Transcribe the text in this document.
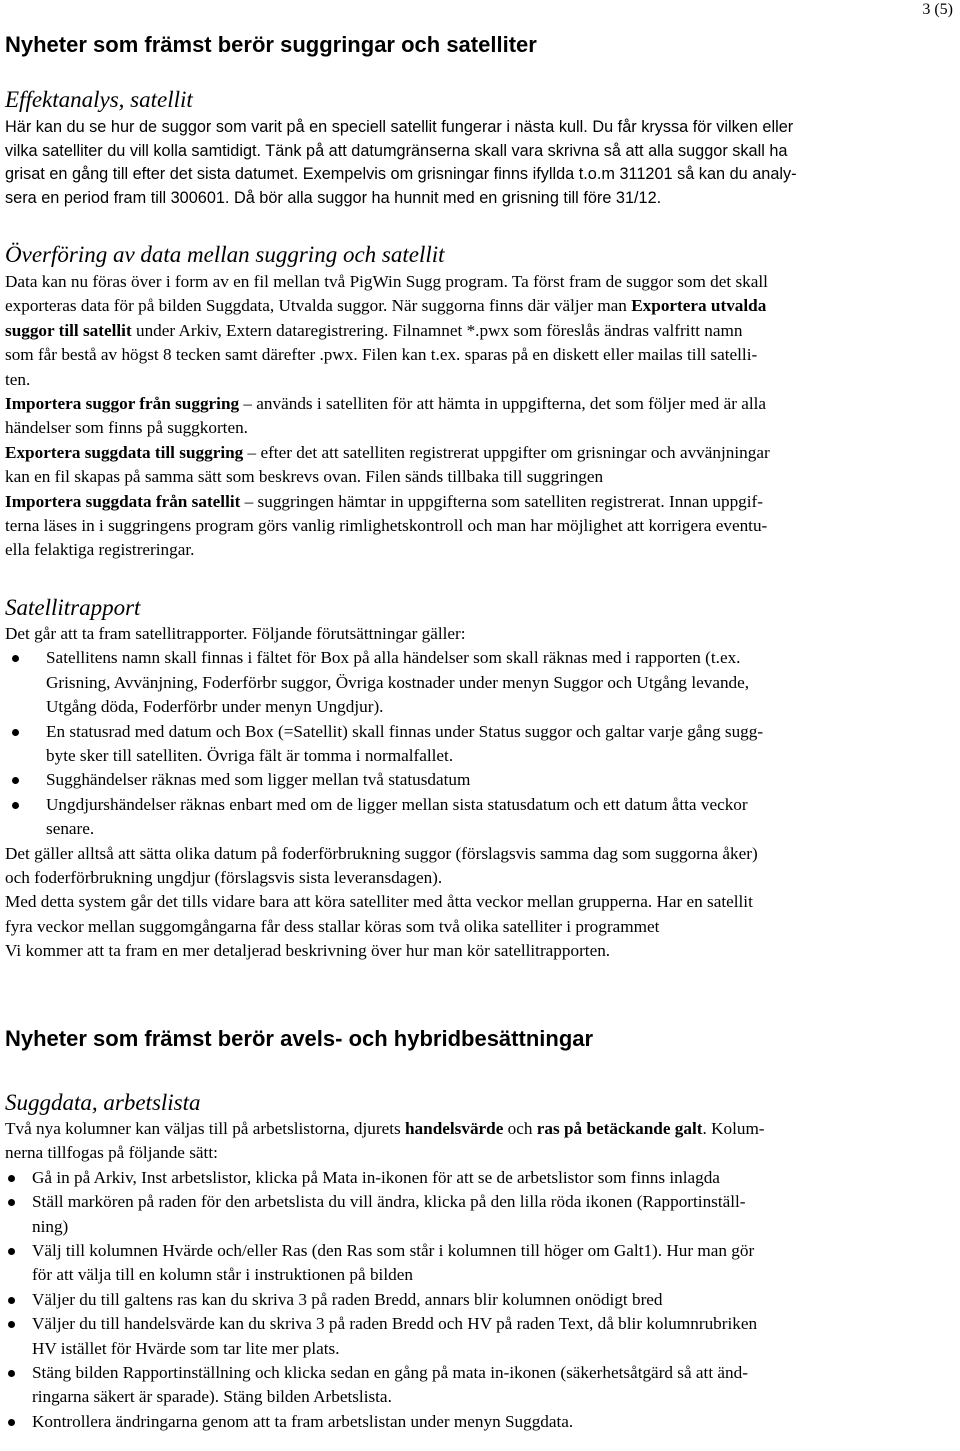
3 (5)
Nyheter som främst berör suggringar och satelliter
Effektanalys, satellit
Här kan du se hur de suggor som varit på en speciell satellit fungerar i nästa kull. Du får kryssa för vilken eller
vilka satelliter du vill kolla samtidigt. Tänk på att datumgränserna skall vara skrivna så att alla suggor skall ha
grisat en gång till efter det sista datumet. Exempelvis om grisningar finns ifyllda t.o.m 311201 så kan du analy-
sera en period fram till 300601. Då bör alla suggor ha hunnit med en grisning till före 31/12.
Överföring av data mellan suggring och satellit
Data kan nu föras över i form av en fil mellan två PigWin Sugg program. Ta först fram de suggor som det skall
exporteras data för på bilden Suggdata, Utvalda suggor. När suggorna finns där väljer man Exportera utvalda
suggor till satellit under Arkiv, Extern dataregistrering. Filnamnet *.pwx som föreslås ändras valfritt namn
som får bestå av högst 8 tecken samt därefter .pwx. Filen kan t.ex. sparas på en diskett eller mailas till satelli-
ten.
Importera suggor från suggring – används i satelliten för att hämta in uppgifterna, det som följer med är alla
händelser som finns på suggkorten.
Exportera suggdata till suggring – efter det att satelliten registrerat uppgifter om grisningar och avvänjningar
kan en fil skapas på samma sätt som beskrevs ovan. Filen sänds tillbaka till suggringen
Importera suggdata från satellit – suggringen hämtar in uppgifterna som satelliten registrerat. Innan uppgif-
terna läses in i suggringens program görs vanlig rimlighetskontroll och man har möjlighet att korrigera eventu-
ella felaktiga registreringar.
Satellitrapport
Det går att ta fram satellitrapporter. Följande förutsättningar gäller:
Satellitens namn skall finnas i fältet för Box på alla händelser som skall räknas med i rapporten (t.ex.
Grisning, Avvänjning, Foderförbr suggor, Övriga kostnader under menyn Suggor och Utgång levande,
Utgång döda, Foderförbr under menyn Ungdjur).
En statusrad med datum och Box (=Satellit) skall finnas under Status suggor och galtar varje gång sugg-
byte sker till satelliten. Övriga fält är tomma i normalfallet.
Sugghändelser räknas med som ligger mellan två statusdatum
Ungdjurshändelser räknas enbart med om de ligger mellan sista statusdatum och ett datum åtta veckor
senare.
Det gäller alltså att sätta olika datum på foderförbrukning suggor (förslagsvis samma dag som suggorna åker)
och foderförbrukning ungdjur (förslagsvis sista leveransdagen).
Med detta system går det tills vidare bara att köra satelliter med åtta veckor mellan grupperna. Har en satellit
fyra veckor mellan suggomgångarna får dess stallar köras som två olika satelliter i programmet
Vi kommer att ta fram en mer detaljerad beskrivning över hur man kör satellitrapporten.
Nyheter som främst berör avels- och hybridbesättningar
Suggdata, arbetslista
Två nya kolumner kan väljas till på arbetslistorna, djurets handelsvärde och ras på betäckande galt. Kolum-
nerna tillfogas på följande sätt:
Gå in på Arkiv, Inst arbetslistor, klicka på Mata in-ikonen för att se de arbetslistor som finns inlagda
Ställ markören på raden för den arbetslista du vill ändra, klicka på den lilla röda ikonen (Rapportinställ-
ning)
Välj till kolumnen Hvärde och/eller Ras (den Ras som står i kolumnen till höger om Galt1). Hur man gör
för att välja till en kolumn står i instruktionen på bilden
Väljer du till galtens ras kan du skriva 3 på raden Bredd, annars blir kolumnen onödigt bred
Väljer du till handelsvärde kan du skriva 3 på raden Bredd och HV på raden Text, då blir kolumnrubriken
HV istället för Hvärde som tar lite mer plats.
Stäng bilden Rapportinställning och klicka sedan en gång på mata in-ikonen (säkerhetsåtgärd så att änd-
ringarna säkert är sparade). Stäng bilden Arbetslista.
Kontrollera ändringarna genom att ta fram arbetslistan under menyn Suggdata.
